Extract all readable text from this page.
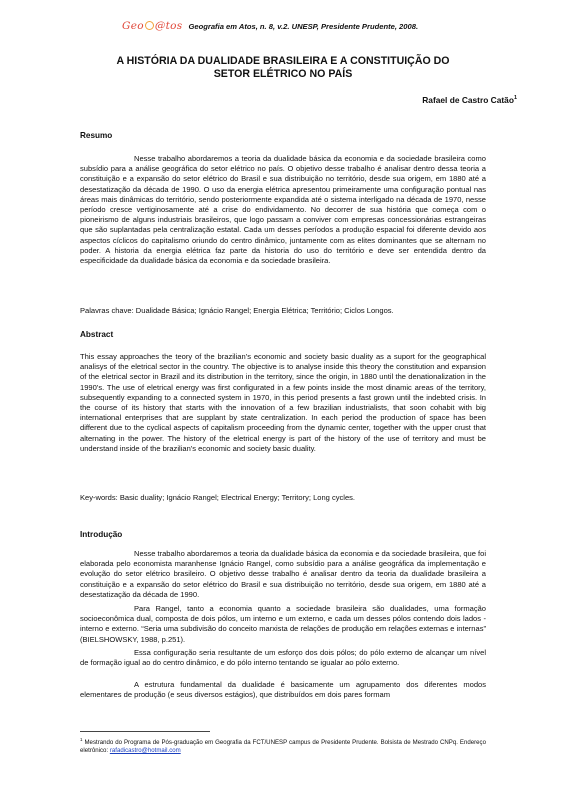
Geo @tos Geografia em Atos, n. 8, v.2. UNESP, Presidente Prudente, 2008.
A HISTÓRIA DA DUALIDADE BRASILEIRA E A CONSTITUIÇÃO DO
SETOR ELÉTRICO NO PAÍS
Rafael de Castro Catão$^1$
Resumo
Nesse trabalho abordaremos a teoria da dualidade básica da economia e da sociedade brasileira como subsídio para a análise geográfica do setor elétrico no país. O objetivo desse trabalho é analisar dentro dessa teoria a constituição e a expansão do setor elétrico do Brasil e sua distribuição no território, desde sua origem, em 1880 até a desestatização da década de 1990. O uso da energia elétrica apresentou primeiramente uma configuração pontual nas áreas mais dinâmicas do território, sendo posteriormente expandida até o sistema interligado na década de 1970, nesse período cresce vertiginosamente até a crise do endividamento. No decorrer de sua história que começa com o pioneirismo de alguns industriais brasileiros, que logo passam a conviver com empresas concessionárias estrangeiras que são suplantadas pela centralização estatal. Cada um desses períodos a produção espacial foi diferente devido aos aspectos cíclicos do capitalismo oriundo do centro dinâmico, juntamente com as elites dominantes que se alternam no poder. A historia da energia elétrica faz parte da historia do uso do território e deve ser entendida dentro da especificidade da dualidade básica da economia e da sociedade brasileira.
Palavras chave: Dualidade Básica; Ignácio Rangel; Energia Elétrica; Território; Ciclos Longos.
Abstract
This essay approaches the teory of the brazilian’s economic and society basic duality as a suport for the geographical analisys of the eletrical sector in the country. The objective is to analyse inside this theory the constitution and expansion of the eletrical sector in Brazil and its distribution in the territory, since the origin, in 1880 until the denationalization in the 1990’s. The use of eletrical energy was first configurated in a few points inside the most dinamic areas of the territory, subsequently expanding to a connected system in 1970, in this period presents a fast grown until the indebted crisis. In the course of its history that starts with the innovation of a few brazilian industrialists, that soon cohabit with big international enterprises that are supplant by state centralization. In each period the production of space has been different due to the cyclical aspects of capitalism proceeding from the dynamic center, together with the upper crust that alternating in the power. The history of the eletrical energy is part of the history of the use of territory and must be understand inside of the brazilian’s economic and society basic duality.
Key-words: Basic duality; Ignácio Rangel; Electrical Energy; Territory; Long cycles.
Introdução
Nesse trabalho abordaremos a teoria da dualidade básica da economia e da sociedade brasileira, que foi elaborada pelo economista maranhense Ignácio Rangel, como subsídio para a análise geográfica da implementação e evolução do setor elétrico brasileiro. O objetivo desse trabalho é analisar dentro da teoria da dualidade brasileira a constituição e a expansão do setor elétrico do Brasil e sua distribuição no território, desde sua origem, em 1880 até a desestatização da década de 1990.
Para Rangel, tanto a economia quanto a sociedade brasileira são dualidades, uma formação socioeconômica dual, composta de dois pólos, um interno e um externo, e cada um desses pólos contendo dois lados - interno e externo. “Seria uma subdivisão do conceito marxista de relações de produção em relações externas e internas” (BIELSHOWSKY, 1988, p.251).
Essa configuração seria resultante de um esforço dos dois pólos; do pólo externo de alcançar um nível de formação igual ao do centro dinâmico, e do pólo interno tentando se igualar ao pólo externo.
A estrutura fundamental da dualidade é basicamente um agrupamento dos diferentes modos elementares de produção (e seus diversos estágios), que distribuídos em dois pares formam
$^1$ Mestrando do Programa de Pós-graduação em Geografia da FCT/UNESP campus de Presidente Prudente. Bolsista de Mestrado CNPq. Endereço eletrônico: rafadicastro@hotmail.com
